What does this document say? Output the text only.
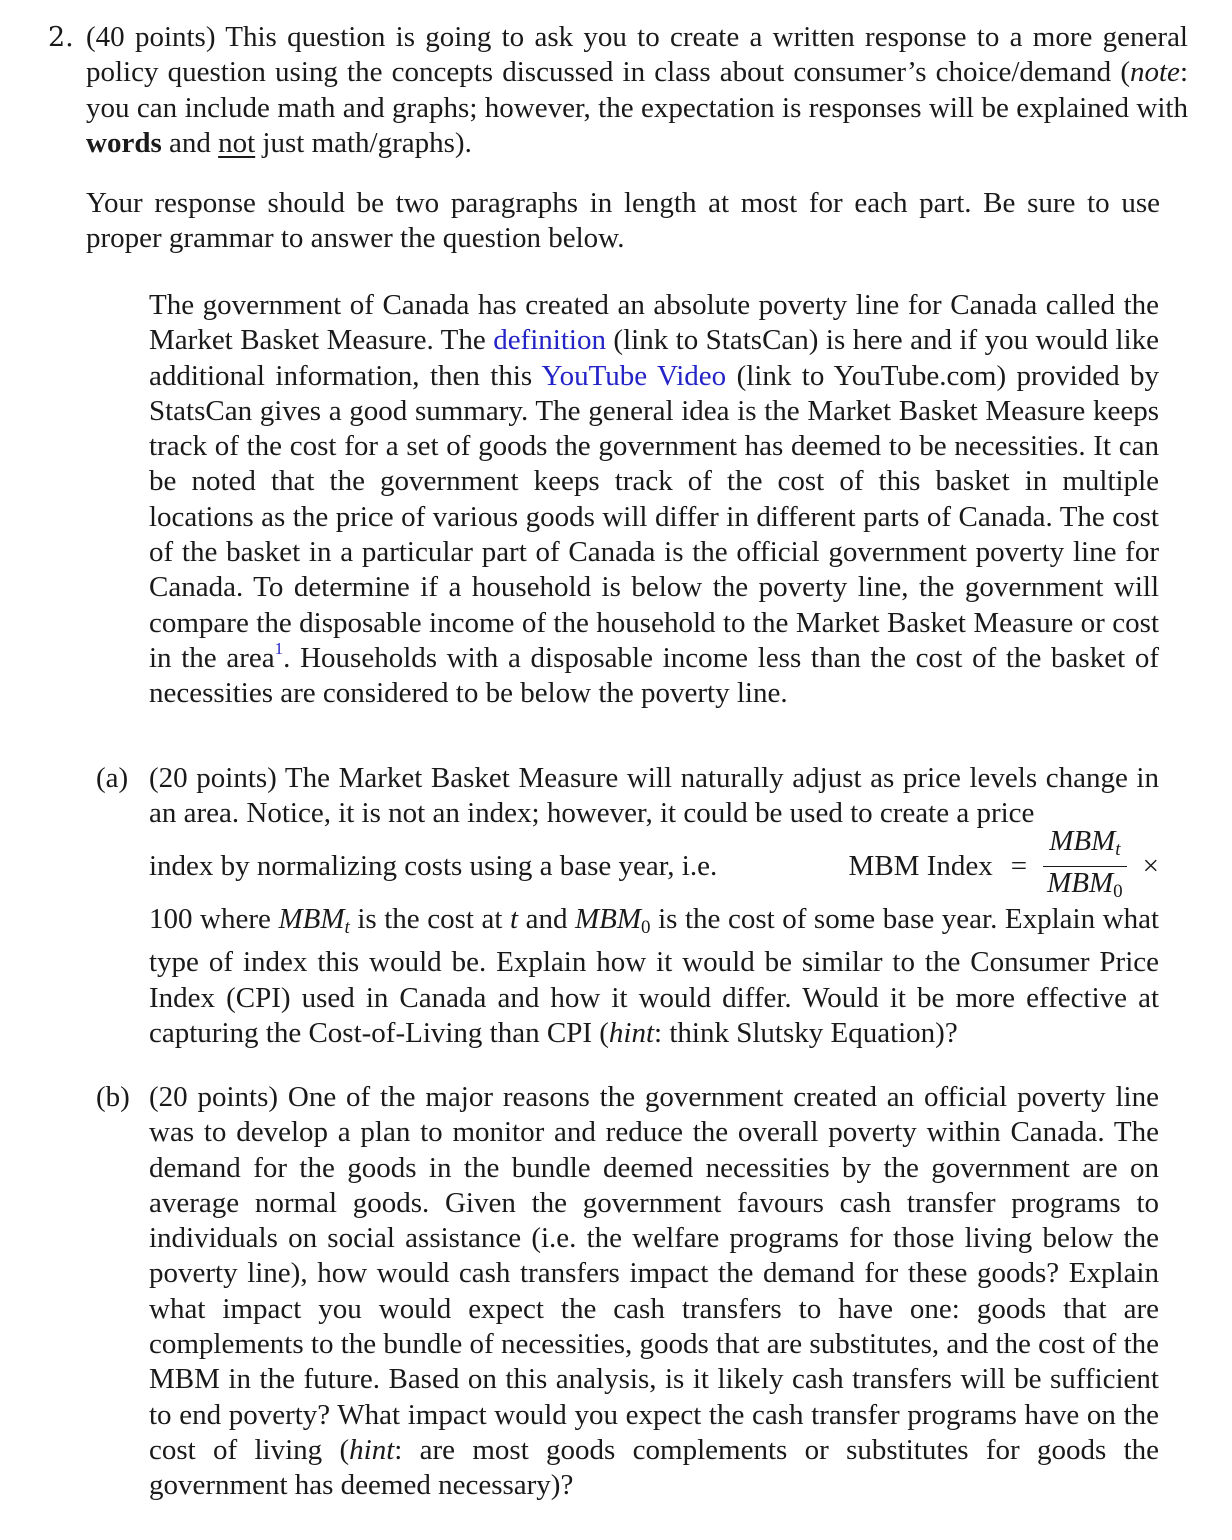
2. (40 points) This question is going to ask you to create a written response to a more general policy question using the concepts discussed in class about consumer’s choice/demand (note: you can include math and graphs; however, the expectation is responses will be explained with words and not just math/graphs).
Your response should be two paragraphs in length at most for each part. Be sure to use proper grammar to answer the question below.
The government of Canada has created an absolute poverty line for Canada called the Market Basket Measure. The definition (link to StatsCan) is here and if you would like additional information, then this YouTube Video (link to YouTube.com) provided by StatsCan gives a good summary. The general idea is the Market Basket Measure keeps track of the cost for a set of goods the government has deemed to be necessities. It can be noted that the government keeps track of the cost of this basket in multiple locations as the price of various goods will differ in different parts of Canada. The cost of the basket in a particular part of Canada is the official government poverty line for Canada. To determine if a household is below the poverty line, the government will compare the disposable income of the household to the Market Basket Measure or cost in the area$^1$. Households with a disposable income less than the cost of the basket of necessities are considered to be below the poverty line.
(a) (20 points) The Market Basket Measure will naturally adjust as price levels change in an area. Notice, it is not an index; however, it could be used to create a price
index by normalizing costs using a base year, i.e.	MBM Index = $\frac{MBM_t}{MBM_0}$ ×
100 where $MBM_t$ is the cost at t and $MBM_0$ is the cost of some base year. Explain what type of index this would be. Explain how it would be similar to the Consumer Price Index (CPI) used in Canada and how it would differ. Would it be more effective at capturing the Cost-of-Living than CPI (hint: think Slutsky Equation)?
(b) (20 points) One of the major reasons the government created an official poverty line was to develop a plan to monitor and reduce the overall poverty within Canada. The demand for the goods in the bundle deemed necessities by the government are on average normal goods. Given the government favours cash transfer programs to individuals on social assistance (i.e. the welfare programs for those living below the poverty line), how would cash transfers impact the demand for these goods? Explain what impact you would expect the cash transfers to have one: goods that are complements to the bundle of necessities, goods that are substitutes, and the cost of the MBM in the future. Based on this analysis, is it likely cash transfers will be sufficient to end poverty? What impact would you expect the cash transfer programs have on the cost of living (hint: are most goods complements or substitutes for goods the government has deemed necessary)?
